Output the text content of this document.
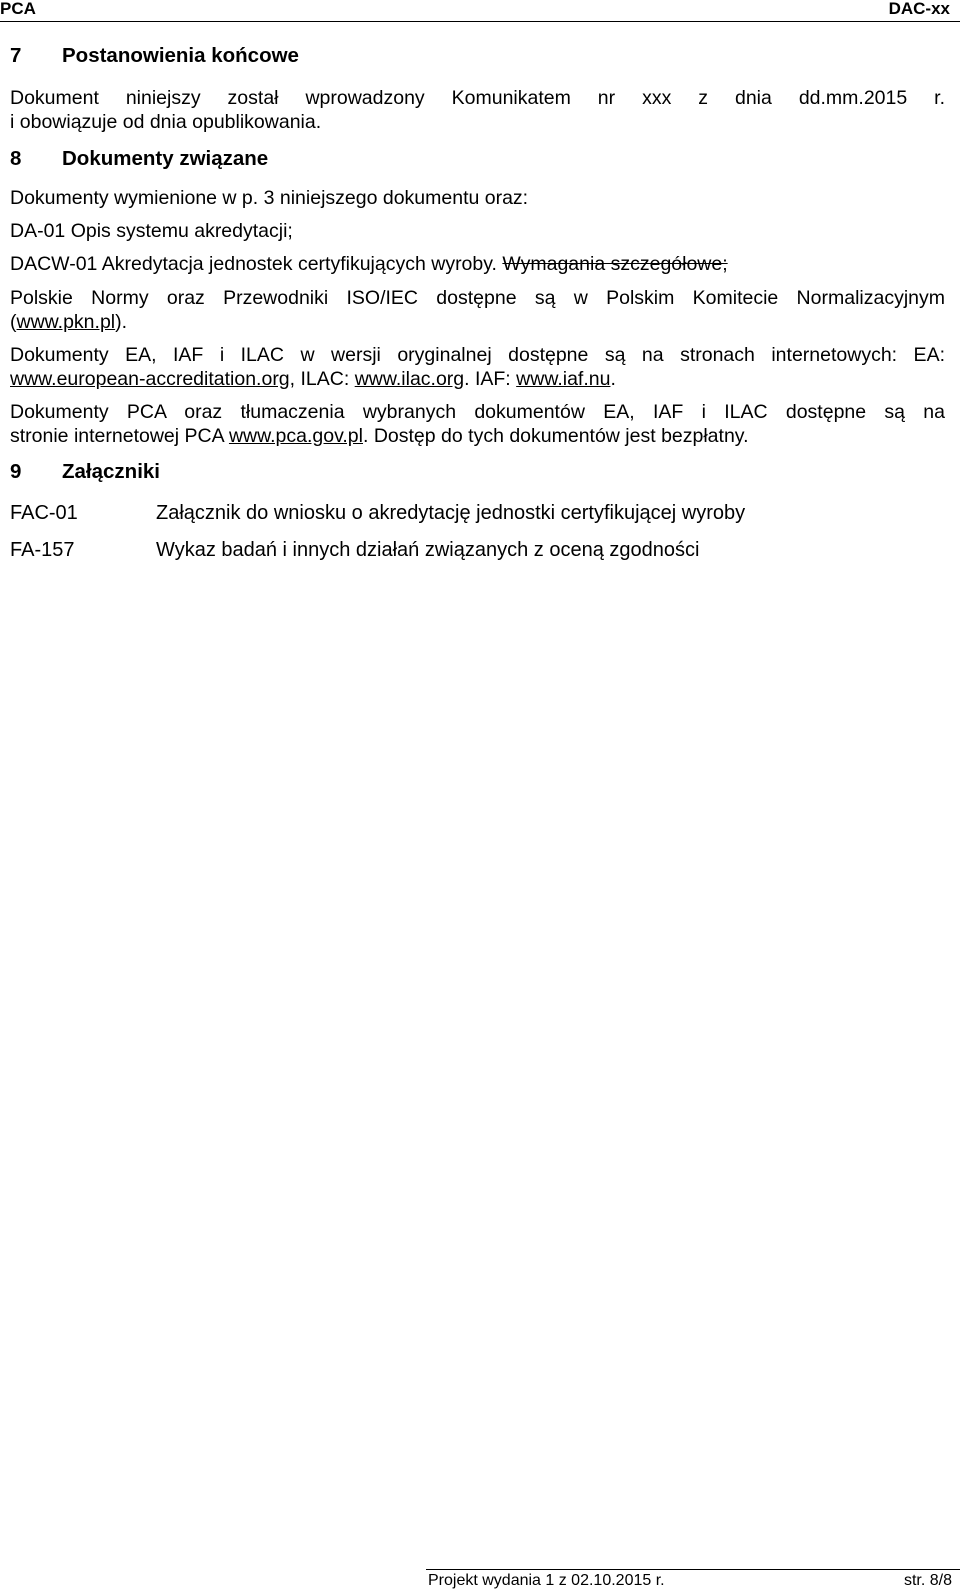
PCA	DAC-xx
7 Postanowienia końcowe
Dokument niniejszy został wprowadzony Komunikatem nr xxx z dnia dd.mm.2015 r.
i obowiązuje od dnia opublikowania.
8 Dokumenty związane
Dokumenty wymienione w p. 3 niniejszego dokumentu oraz:
DA-01 Opis systemu akredytacji;
DACW-01 Akredytacja jednostek certyfikujących wyroby. Wymagania szczegółowe;
Polskie Normy oraz Przewodniki ISO/IEC dostępne są w Polskim Komitecie Normalizacyjnym
(www.pkn.pl).
Dokumenty EA, IAF i ILAC w wersji oryginalnej dostępne są na stronach internetowych: EA:
www.european-accreditation.org, ILAC: www.ilac.org. IAF: www.iaf.nu.
Dokumenty PCA oraz tłumaczenia wybranych dokumentów EA, IAF i ILAC dostępne są na
stronie internetowej PCA www.pca.gov.pl. Dostęp do tych dokumentów jest bezpłatny.
9 Załączniki
FAC-01	Załącznik do wniosku o akredytację jednostki certyfikującej wyroby
FA-157	Wykaz badań i innych działań związanych z oceną zgodności
Projekt wydania 1 z 02.10.2015 r.	str. 8/8
